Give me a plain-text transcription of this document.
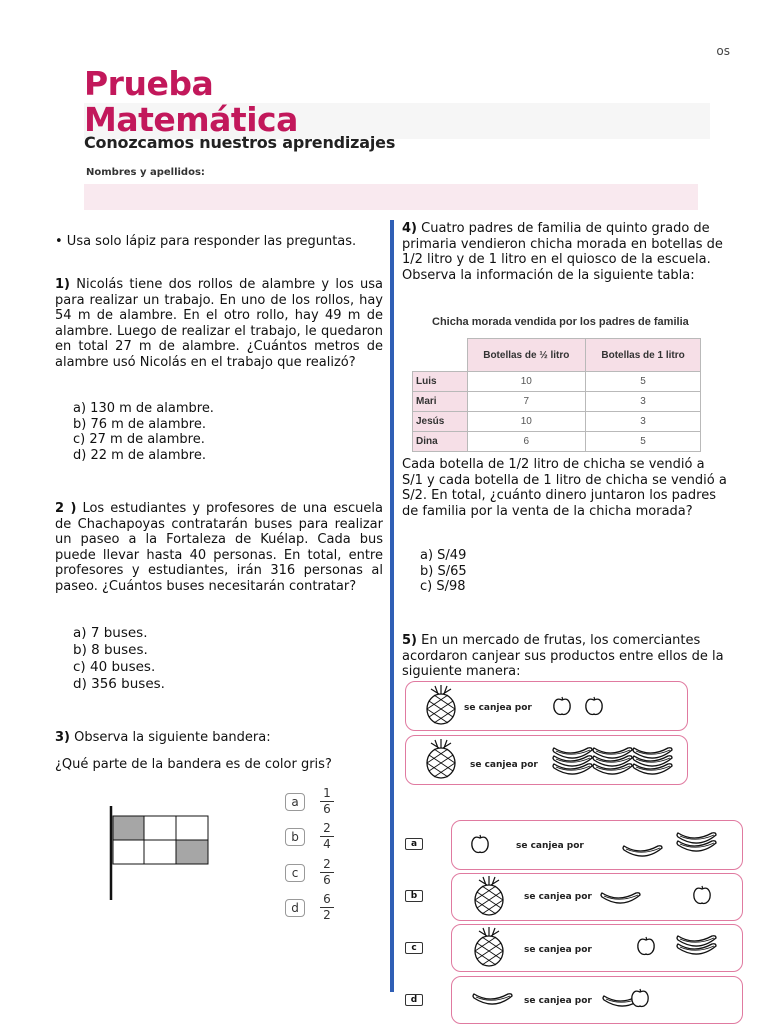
os
Prueba
Matemática
Conozcamos nuestros aprendizajes
Nombres y apellidos:

• Usa solo lápiz para responder las preguntas.

1) Nicolás tiene dos rollos de alambre y los usa para realizar un trabajo. En uno de los rollos, hay 54 m de alambre. En el otro rollo, hay 49 m de alambre. Luego de realizar el trabajo, le quedaron en total 27 m de alambre. ¿Cuántos metros de alambre usó Nicolás en el trabajo que realizó?

a) 130 m de alambre.

b) 76 m de alambre.

c) 27 m de alambre.

d) 22 m de alambre.

2 ) Los estudiantes y profesores de una escuela de Chachapoyas contratarán buses para realizar un paseo a la Fortaleza de Kuélap. Cada bus puede llevar hasta 40 personas. En total, entre profesores y estudiantes, irán 316 personas al paseo. ¿Cuántos buses necesitarán contratar?

a) 7 buses.

b) 8 buses.

c) 40 buses.

d) 356 buses.

3) Observa la siguiente bandera:

¿Qué parte de la bandera es de color gris?
a
1
6
b
2
4
c
2
6
d
6
2

4) Cuatro padres de familia de quinto grado de primaria vendieron chicha morada en botellas de 1/2 litro y de 1 litro en el quiosco de la escuela. Observa la información de la siguiente tabla:

Chicha morada vendida por los padres de familia
	Botellas de ½ litro	Botellas de 1 litro
Luis	10	5
Mari	7	3
Jesús	10	3
Dina	6	5
Cada botella de 1/2 litro de chicha se vendió a S/1 y cada botella de 1 litro de chicha se vendió a S/2. En total, ¿cuánto dinero juntaron los padres de familia por la venta de la chicha morada?

a) S/49

b) S/65

c) S/98

5) En un mercado de frutas, los comerciantes acordaron canjear sus productos entre ellos de la siguiente manera:

se canjea por
se canjea por
a	se canjea por
b	se canjea por
c	se canjea por
d	se canjea por
